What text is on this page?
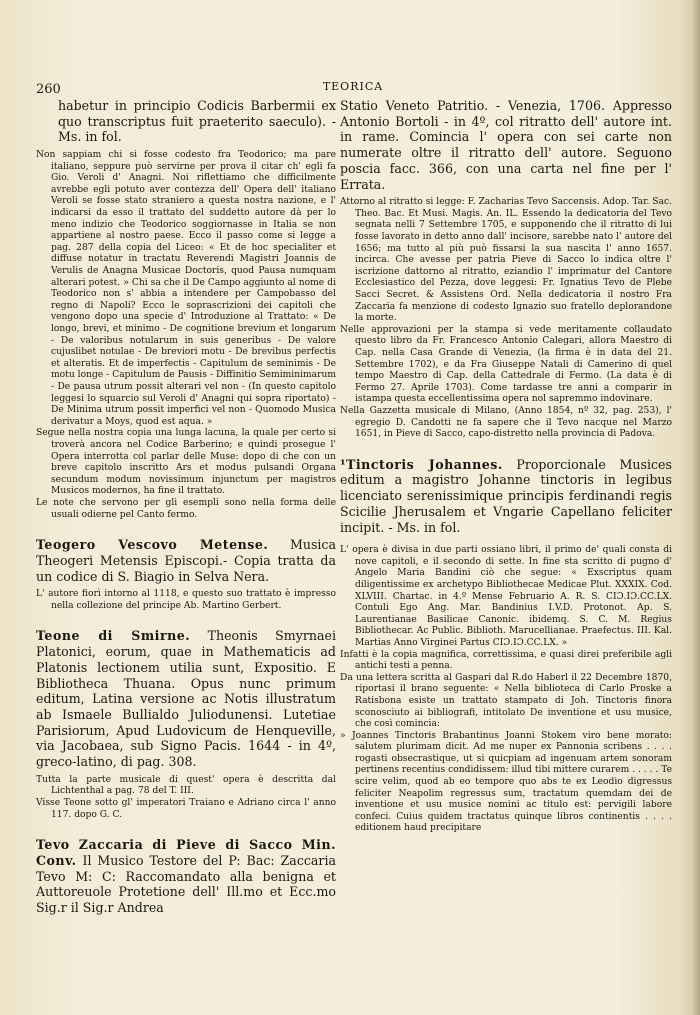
260	TEORICA

habetur in principio Codicis Barbermii ex quo transcriptus fuit praeterito saeculo). - Ms. in fol.

Non sappiam chi si fosse codesto fra Teodorico; ma pare italiano, seppure può servirne per prova il citar ch' egli fa Gio. Veroli d' Anagni. Noi riflettiamo che difficilmente avrebbe egli potuto aver contezza dell' Opera dell' italiano Veroli se fosse stato straniero a questa nostra nazione, e l' indicarsi da esso il trattato del suddetto autore dà per lo meno indizio che Teodorico soggiornasse in Italia se non appartiene al nostro paese. Ecco il passo come si legge a pag. 287 della copia del Liceo: « Et de hoc specialiter et diffuse notatur in tractatu Reverendi Magistri Joannis de Verulis de Anagna Musicae Doctoris, quod Pausa numquam alterari potest. » Chi sa che il De Campo aggiunto al nome di Teodorico non s' abbia a intendere per Campobasso del regno di Napoli? Ecco le soprascrizioni dei capitoli che vengono dopo una specie d' Introduzione al Trattato: « De longo, brevi, et minimo - De cognitione brevium et longarum - De valoribus notularum in suis generibus - De valore cujuslibet notulae - De breviori motu - De brevibus perfectis et alteratis. Et de imperfectis - Capitulum de seminimis - De motu longe - Capitulum de Pausis - Diffinitio Semiminimarum - De pausa utrum possit alterari vel non - (In questo capitolo leggesi lo squarcio sul Veroli d' Anagni qui sopra riportato) - De Minima utrum possit imperfici vel non - Quomodo Musica derivatur a Moys, quod est aqua. »

Segue nella nostra copia una lunga lacuna, la quale per certo si troverà ancora nel Codice Barberino; e quindi prosegue l' Opera interrotta col parlar delle Muse: dopo di che con un breve capitolo inscritto Ars et modus pulsandi Organa secundum modum novissimum injunctum per magistros Musicos modernos, ha fine il trattato.

Le note che servono per gli esempli sono nella forma delle usuali odierne pel Canto fermo.

Teogero Vescovo Metense. Musica Theogeri Metensis Episcopi.- Copia tratta da un codice di S. Biagio in Selva Nera.

L' autore fiorì intorno al 1118, e questo suo trattato è impresso nella collezione del principe Ab. Martino Gerbert.

Teone di Smirne. Theonis Smyrnaei Platonici, eorum, quae in Mathematicis ad Platonis lectionem utilia sunt, Expositio. E Bibliotheca Thuana. Opus nunc primum editum, Latina versione ac Notis illustratum ab Ismaele Bullialdo Juliodunensi. Lutetiae Parisiorum, Apud Ludovicum de Henqueville, via Jacobaea, sub Signo Pacis. 1644 - in 4º, greco-latino, di pag. 308.

Tutta la parte musicale di quest' opera è descritta dal Lichtenthal a pag. 78 del T. III.

Visse Teone sotto gl' imperatori Traiano e Adriano circa l' anno 117. dopo G. C.

Tevo Zaccaria di Pieve di Sacco Min. Conv. Il Musico Testore del P: Bac: Zaccaria Tevo M: C: Raccomandato alla benigna et Auttoreuole Protetione dell' Ill.mo et Ecc.mo Sig.r il Sig.r Andrea

Statio Veneto Patritio. - Venezia, 1706. Appresso Antonio Bortoli - in 4º, col ritratto dell' autore int. in rame. Comincia l' opera con sei carte non numerate oltre il ritratto dell' autore. Seguono poscia facc. 366, con una carta nel fine per l' Errata.

Attorno al ritratto si legge: F. Zacharias Tevo Saccensis. Adop. Tar. Sac. Theo. Bac. Et Musi. Magis. An. IL. Essendo la dedicatoria del Tevo segnata nelli 7 Settembre 1705, e supponendo che il ritratto di lui fosse lavorato in detto anno dall' incisore, sarebbe nato l' autore del 1656; ma tutto al più può fissarsi la sua nascita l' anno 1657. incirca. Che avesse per patria Pieve di Sacco lo indica oltre l' iscrizione dattorno al ritratto, eziandio l' imprimatur del Cantore Ecclesiastico del Pezza, dove leggesi: Fr. Ignatius Tevo de Plebe Sacci Secret. & Assistens Ord. Nella dedicatoria il nostro Fra Zaccaria fa menzione di codesto Ignazio suo fratello deplorandone la morte.

Nelle approvazioni per la stampa si vede meritamente collaudato questo libro da Fr. Francesco Antonio Calegari, allora Maestro di Cap. nella Casa Grande di Venezia, (la firma è in data del 21. Settembre 1702), e da Fra Giuseppe Natali di Camerino di quel tempo Maestro di Cap. della Cattedrale di Fermo. (La data è di Fermo 27. Aprile 1703). Come tardasse tre anni a comparir in istampa questa eccellentissima opera nol sapremmo indovinare.

Nella Gazzetta musicale di Milano, (Anno 1854, nº 32, pag. 253), l' egregio D. Candotti ne fa sapere che il Tevo nacque nel Marzo 1651, in Pieve di Sacco, capo-distretto nella provincia di Padova.

¹Tinctoris Johannes. Proporcionale Musices editum a magistro Johanne tinctoris in legibus licenciato serenissimique principis ferdinandi regis Scicilie Jherusalem et Vngarie Capellano feliciter incipit. - Ms. in fol.

L' opera è divisa in due parti ossiano libri, il primo de' quali consta di nove capitoli, e il secondo di sette. In fine sta scritto di pugno d' Angelo Maria Bandini ciò che segue: « Exscriptus quam diligentissime ex archetypo Bibliothecae Medicae Plut. XXXIX. Cod. XLVIII. Chartac. in 4.º Mense Februario A. R. S. CIƆ.IƆ.CC.LX. Contuli Ego Ang. Mar. Bandinius I.V.D. Protonot. Ap. S. Laurentianae Basilicae Canonic. ibidemq. S. C. M. Regius Bibliothecar. Ac Public. Biblioth. Marucellianae. Praefectus. III. Kal. Martias Anno Virginei Partus CIƆ.IƆ.CC.LX. »

Infatti è la copia magnifica, correttissima, e quasi direi preferibile agli antichi testi a penna.

Da una lettera scritta al Gaspari dal R.do Haberl il 22 Decembre 1870, riportasi il brano seguente: « Nella biblioteca di Carlo Proske a Ratisbona esiste un trattato stampato di Joh. Tinctoris finora sconosciuto ai bibliografi, intitolato De inventione et usu musice, che così comincia:

» Joannes Tinctoris Brabantinus Joanni Stokem viro bene morato: salutem plurimam dicit. Ad me nuper ex Pannonia scribens . . . . rogasti obsecrastique, ut si quicpiam ad ingenuam artem sonoram pertinens recentius condidissem: illud tibi mittere curarem . . . . . Te scire velim, quod ab eo tempore quo abs te ex Leodio digressus feliciter Neapolim regressus sum, tractatum quemdam dei de inventione et usu musice nomini ac titulo est: pervigili labore confeci. Cuius quidem tractatus quinque libros continentis . . . . editionem haud precipitare
